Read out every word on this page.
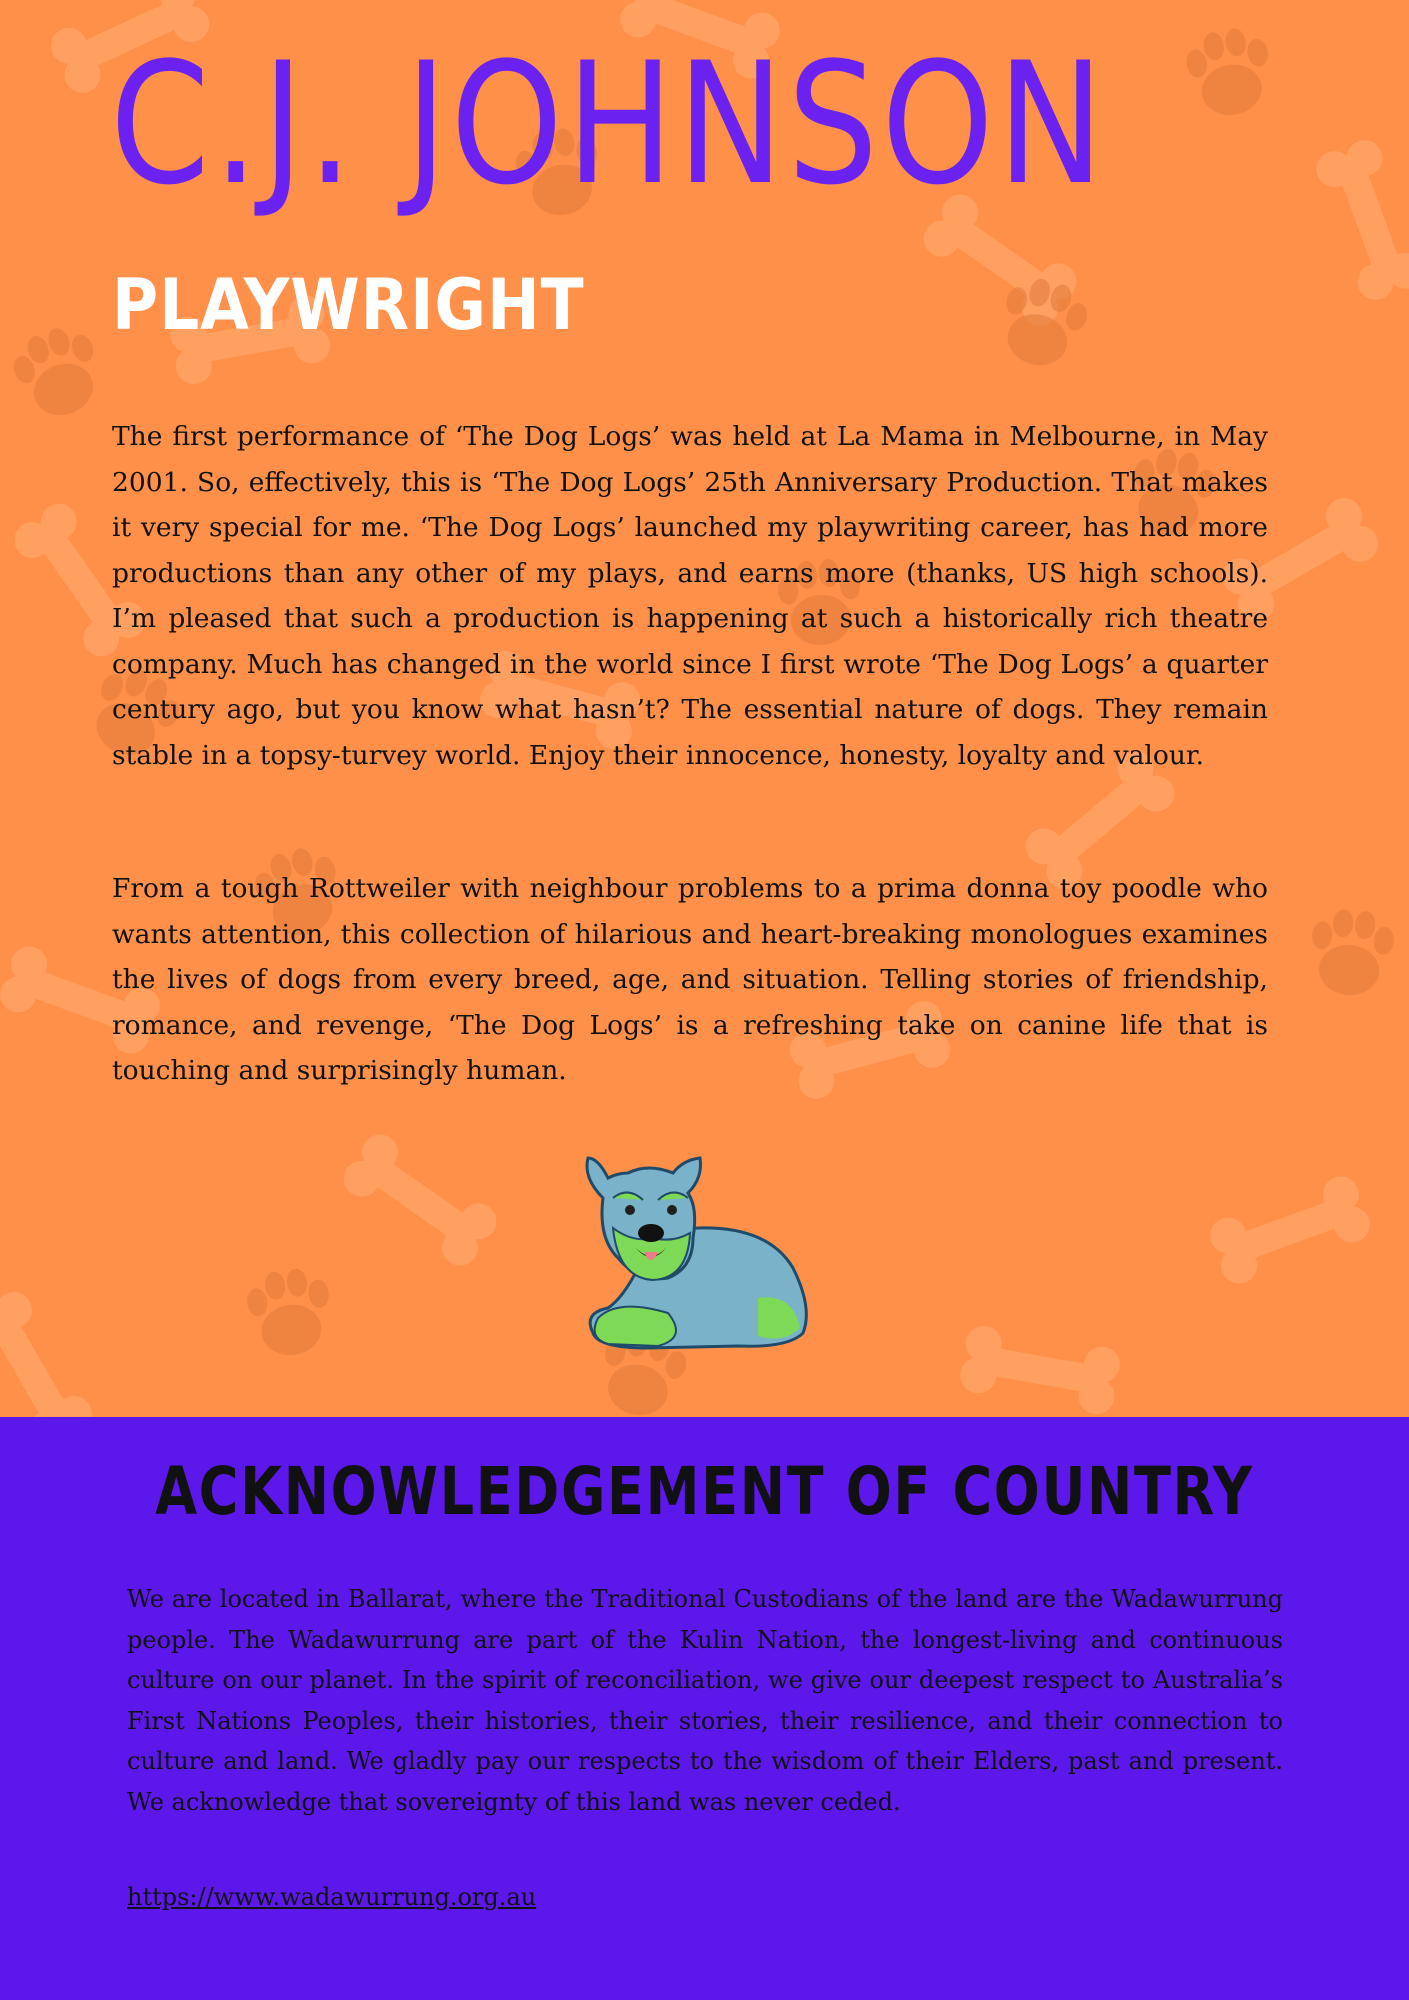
C.J. JOHNSON
PLAYWRIGHT

The first performance of ‘The Dog Logs’ was held at La Mama in Melbourne, in May 2001. So, effectively, this is ‘The Dog Logs’ 25th Anniversary Production. That makes it very special for me. ‘The Dog Logs’ launched my playwriting career, has had more productions than any other of my plays, and earns more (thanks, US high schools). I’m pleased that such a production is happening at such a historically rich theatre company. Much has changed in the world since I first wrote ‘The Dog Logs’ a quarter century ago, but you know what hasn’t? The essential nature of dogs. They remain stable in a topsy-turvey world. Enjoy their innocence, honesty, loyalty and valour.

From a tough Rottweiler with neighbour problems to a prima donna toy poodle who wants attention, this collection of hilarious and heart-breaking monologues examines the lives of dogs from every breed, age, and situation. Telling stories of friendship, romance, and revenge, ‘The Dog Logs’ is a refreshing take on canine life that is touching and surprisingly human.

ACKNOWLEDGEMENT OF COUNTRY

We are located in Ballarat, where the Traditional Custodians of the land are the Wadawurrung people. The Wadawurrung are part of the Kulin Nation, the longest-living and continuous culture on our planet. In the spirit of reconciliation, we give our deepest respect to Australia’s First Nations Peoples, their histories, their stories, their resilience, and their connection to culture and land. We gladly pay our respects to the wisdom of their Elders, past and present. We acknowledge that sovereignty of this land was never ceded.

https://www.wadawurrung.org.au
